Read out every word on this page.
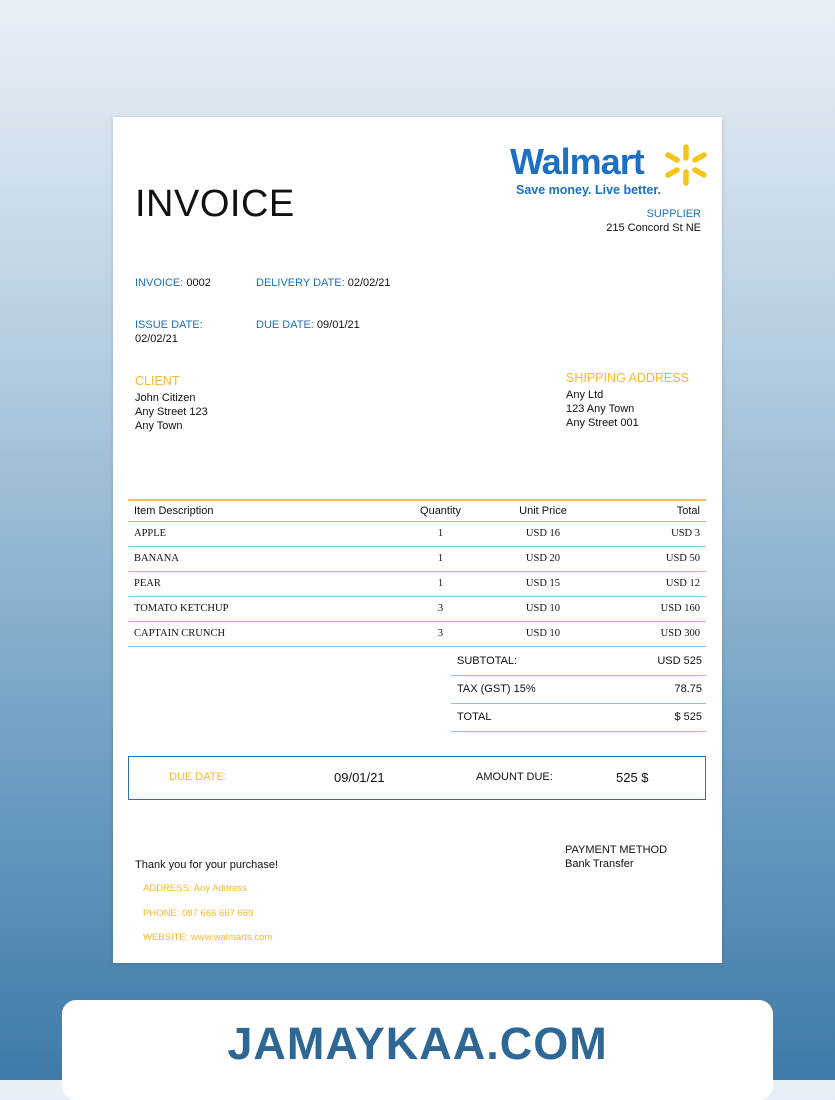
INVOICE
Walmart
Save money. Live better.
SUPPLIER
215 Concord St NE
INVOICE: 0002	DELIVERY DATE: 02/02/21
ISSUE DATE:
02/02/21
DUE DATE: 09/01/21
CLIENT
John Citizen
Any Street 123
Any Town
SHIPPING ADDRESS
Any Ltd
123 Any Town
Any Street 001
Item Description	Quantity	Unit Price	Total
APPLE	1	USD 16	USD 3
BANANA	1	USD 20	USD 50
PEAR	1	USD 15	USD 12
TOMATO KETCHUP	3	USD 10	USD 160
CAPTAIN CRUNCH	3	USD 10	USD 300
SUBTOTAL:	USD 525
TAX (GST) 15%	78.75
TOTAL	$ 525
DUE DATE:	09/01/21	AMOUNT DUE:	525 $
PAYMENT METHOD
Bank Transfer
Thank you for your purchase!
ADDRESS: Any Address
PHONE: 087 666 667 669
WEBSITE: www.walmarts.com
JAMAYKAA.COM
